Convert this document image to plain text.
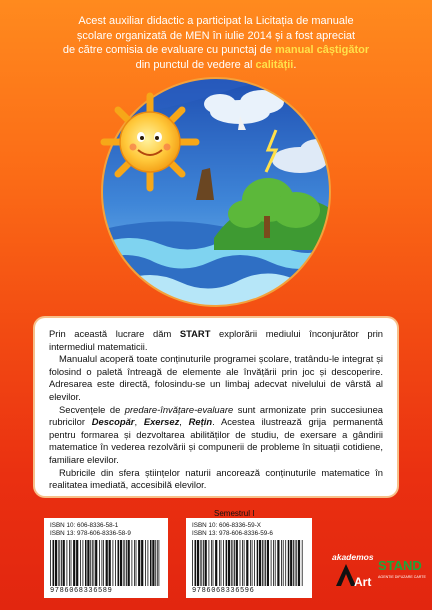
Acest auxiliar didactic a participat la Licitația de manuale
școlare organizată de MEN în iulie 2014 și a fost apreciat
de către comisia de evaluare cu punctaj de manual câștigător
din punctul de vedere al calității.

Prin această lucrare dăm START explorării mediului înconjurător prin intermediul matematicii.

Manualul acoperă toate conținuturile programei școlare, tratându-le integrat și folosind o paletă întreagă de elemente ale învățării prin joc și descoperire. Adresarea este directă, folosindu-se un limbaj adecvat nivelului de vârstă al elevilor.

Secvențele de predare-învățare-evaluare sunt armonizate prin succesiunea rubricilor Descopăr, Exersez, Rețin. Acestea ilustrează grija permanentă pentru formarea și dezvoltarea abilităților de studiu, de exersare a gândirii matematice în vederea rezolvării și compunerii de probleme în situații cotidiene, familiare elevilor.

Rubricile din sfera științelor naturii ancorează conținuturile matematice în realitatea imediată, accesibilă elevilor.

ISBN 10: 606-8336-58-1
ISBN 13: 978-606-8336-58-9
9786068336589
Semestrul I
ISBN 10: 606-8336-59-X
ISBN 13: 978-606-8336-59-6
9786068336596
akademos
Art
STAND
AGENTIE DIFUZARE CARTE
